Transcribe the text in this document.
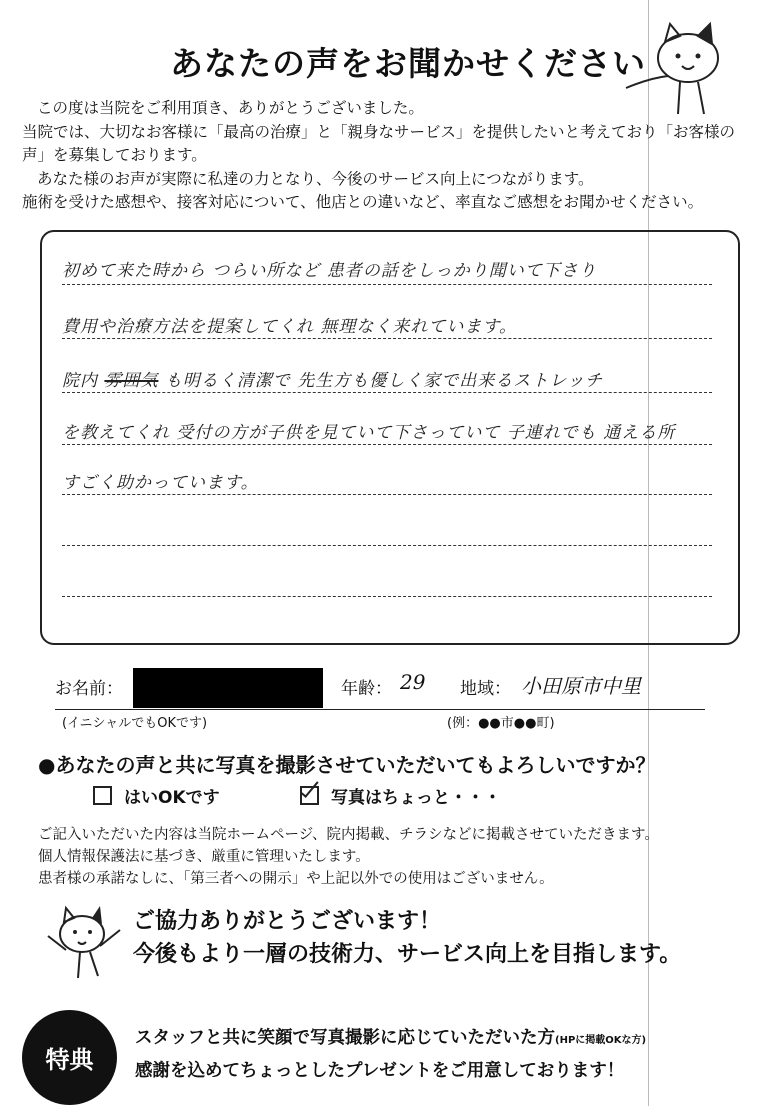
あなたの声をお聞かせください

この度は当院をご利用頂き、ありがとうございました。

当院では、大切なお客様に「最高の治療」と「親身なサービス」を提供したいと考えており「お客様の声」を募集しております。

あなた様のお声が実際に私達の力となり、今後のサービス向上につながります。

施術を受けた感想や、接客対応について、他店との違いなど、率直なご感想をお聞かせください。

初めて来た時から つらい所など 患者の話をしっかり聞いて下さり
費用や治療方法を提案してくれ 無理なく来れています。
院内 雰囲気 も明るく清潔で 先生方も優しく家で出来るストレッチ
を教えてくれ 受付の方が子供を見ていて下さっていて 子連れでも 通える所
すごく助かっています。
お名前：	年齢： 29 地域： 小田原市中里
(イニシャルでもOKです)	(例：●●市●●町)
●あなたの声と共に写真を撮影させていただいてもよろしいですか？
はいOKです	写真はちょっと・・・

ご記入いただいた内容は当院ホームページ、院内掲載、チラシなどに掲載させていただきます。

個人情報保護法に基づき、厳重に管理いたします。

患者様の承諾なしに、「第三者への開示」や上記以外での使用はございません。

ご協力ありがとうございます！

今後もより一層の技術力、サービス向上を目指します。

特典

スタッフと共に笑顔で写真撮影に応じていただいた方(HPに掲載OKな方)

感謝を込めてちょっとしたプレゼントをご用意しております！
